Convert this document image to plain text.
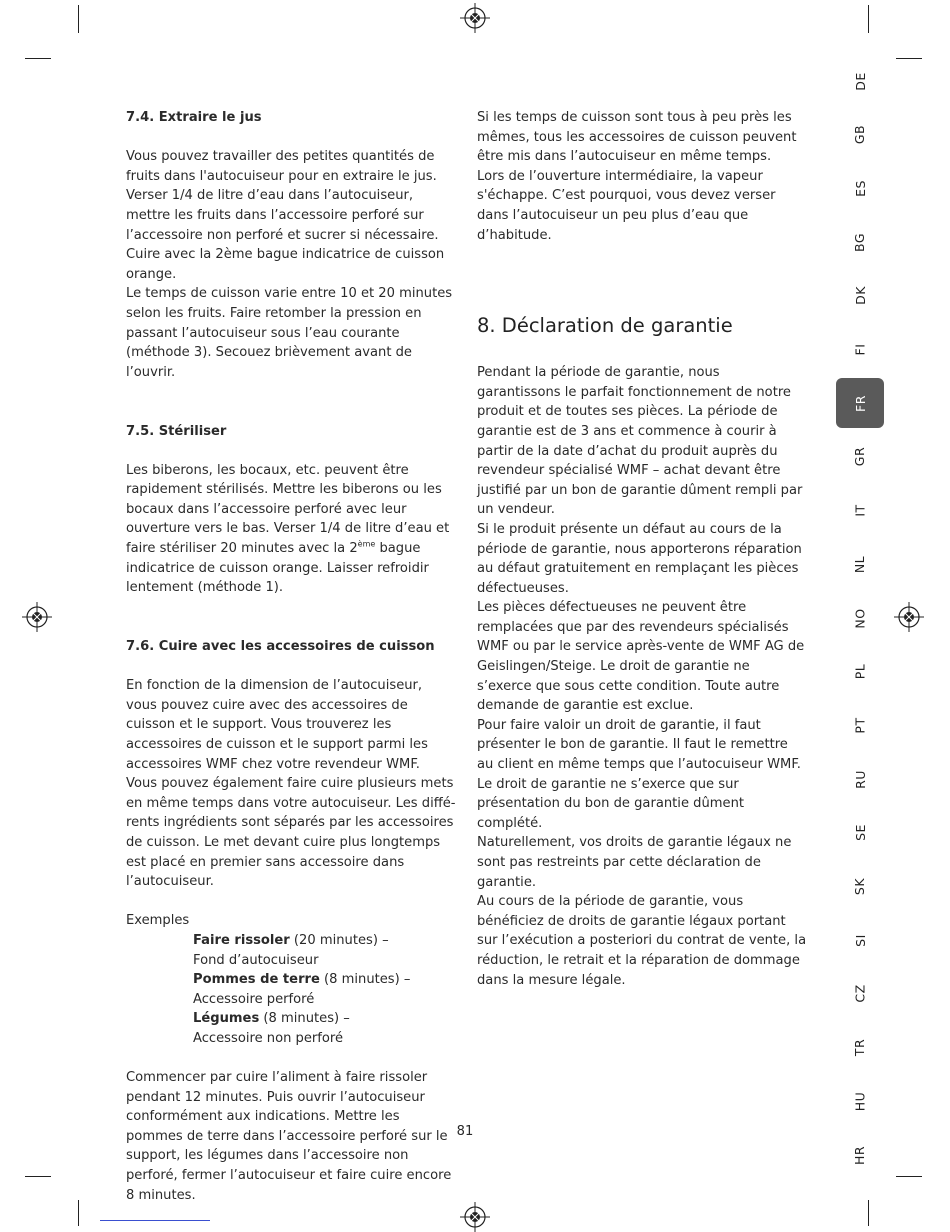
7.4. Extraire le jus

Vous pouvez travailler des petites quantités de fruits dans l'autocuiseur pour en extraire le jus. Verser 1/4 de litre d’eau dans l’autocuiseur, mettre les fruits dans l’accessoire perforé sur l’accessoire non perforé et sucrer si nécessaire. Cuire avec la 2ème bague indicatrice de cuisson orange.

Le temps de cuisson varie entre 10 et 20 minutes selon les fruits. Faire retomber la pression en passant l’autocuiseur sous l’eau courante (méthode 3). Secouez brièvement avant de l’ouvrir.

7.5. Stériliser

Les biberons, les bocaux, etc. peuvent être rapidement stérilisés. Mettre les biberons ou les bocaux dans l’accessoire perforé avec leur ouverture vers le bas. Verser 1/4 de litre d’eau et faire stériliser 20 minutes avec la 2ème bague indicatrice de cuisson orange. Laisser refroidir lentement (méthode 1).

7.6. Cuire avec les accessoires de cuisson

En fonction de la dimension de l’autocuiseur, vous pouvez cuire avec des accessoires de cuisson et le support. Vous trouverez les accessoires de cuisson et le support parmi les accessoires WMF chez votre revendeur WMF.

Vous pouvez également faire cuire plusieurs mets en même temps dans votre autocuiseur. Les différents ingrédients sont séparés par les accessoires de cuisson. Le met devant cuire plus longtemps est placé en premier sans accessoire dans l’autocuiseur.

Exemples

Faire rissoler (20 minutes) –

Fond d’autocuiseur

Pommes de terre (8 minutes) –

Accessoire perforé

Légumes (8 minutes) –

Accessoire non perforé

Commencer par cuire l’aliment à faire rissoler pendant 12 minutes. Puis ouvrir l’autocuiseur conformément aux indications. Mettre les pommes de terre dans l’accessoire perforé sur le support, les légumes dans l’accessoire non perforé, fermer l’autocuiseur et faire cuire encore 8 minutes.

Si les temps de cuisson sont tous à peu près les mêmes, tous les accessoires de cuisson peuvent être mis dans l’autocuiseur en même temps.

Lors de l’ouverture intermédiaire, la vapeur s'échappe. C’est pourquoi, vous devez verser dans l’autocuiseur un peu plus d’eau que d’habitude.

8. Déclaration de garantie

Pendant la période de garantie, nous garantissons le parfait fonctionnement de notre produit et de toutes ses pièces. La période de garantie est de 3 ans et commence à courir à partir de la date d’achat du produit auprès du revendeur spécialisé WMF – achat devant être justifié par un bon de garantie dûment rempli par un vendeur.

Si le produit présente un défaut au cours de la période de garantie, nous apporterons réparation au défaut gratuitement en remplaçant les pièces défectueuses.

Les pièces défectueuses ne peuvent être remplacées que par des revendeurs spécialisés WMF ou par le service après-vente de WMF AG de Geislingen/Steige. Le droit de garantie ne s’exerce que sous cette condition. Toute autre demande de garantie est exclue.

Pour faire valoir un droit de garantie, il faut présenter le bon de garantie. Il faut le remettre au client en même temps que l’autocuiseur WMF. Le droit de garantie ne s’exerce que sur présentation du bon de garantie dûment complété.

Naturellement, vos droits de garantie légaux ne sont pas restreints par cette déclaration de garantie.

Au cours de la période de garantie, vous bénéficiez de droits de garantie légaux portant sur l’exécution a posteriori du contrat de vente, la réduction, le retrait et la réparation de dommage dans la mesure légale.

81
DE
GB
ES
BG
DK
FI
FR
GR
IT
NL
NO
PL
PT
RU
SE
SK
SI
CZ
TR
HU
HR
